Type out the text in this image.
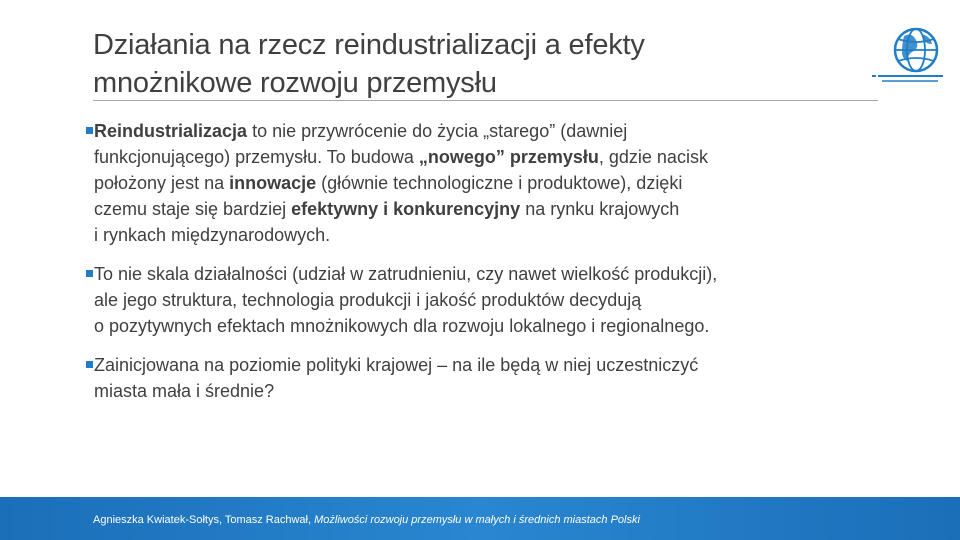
Działania na rzecz reindustrializacji a efekty
mnożnikowe rozwoju przemysłu
Reindustrializacja to nie przywrócenie do życia „starego” (dawniej
funkcjonującego) przemysłu. To budowa „nowego” przemysłu, gdzie nacisk
położony jest na innowacje (głównie technologiczne i produktowe), dzięki
czemu staje się bardziej efektywny i konkurencyjny na rynku krajowych
i rynkach międzynarodowych.
To nie skala działalności (udział w zatrudnieniu, czy nawet wielkość produkcji),
ale jego struktura, technologia produkcji i jakość produktów decydują
o pozytywnych efektach mnożnikowych dla rozwoju lokalnego i regionalnego.
Zainicjowana na poziomie polityki krajowej – na ile będą w niej uczestniczyć
miasta mała i średnie?
Agnieszka Kwiatek-Sołtys, Tomasz Rachwał, Możliwości rozwoju przemysłu w małych i średnich miastach Polski
